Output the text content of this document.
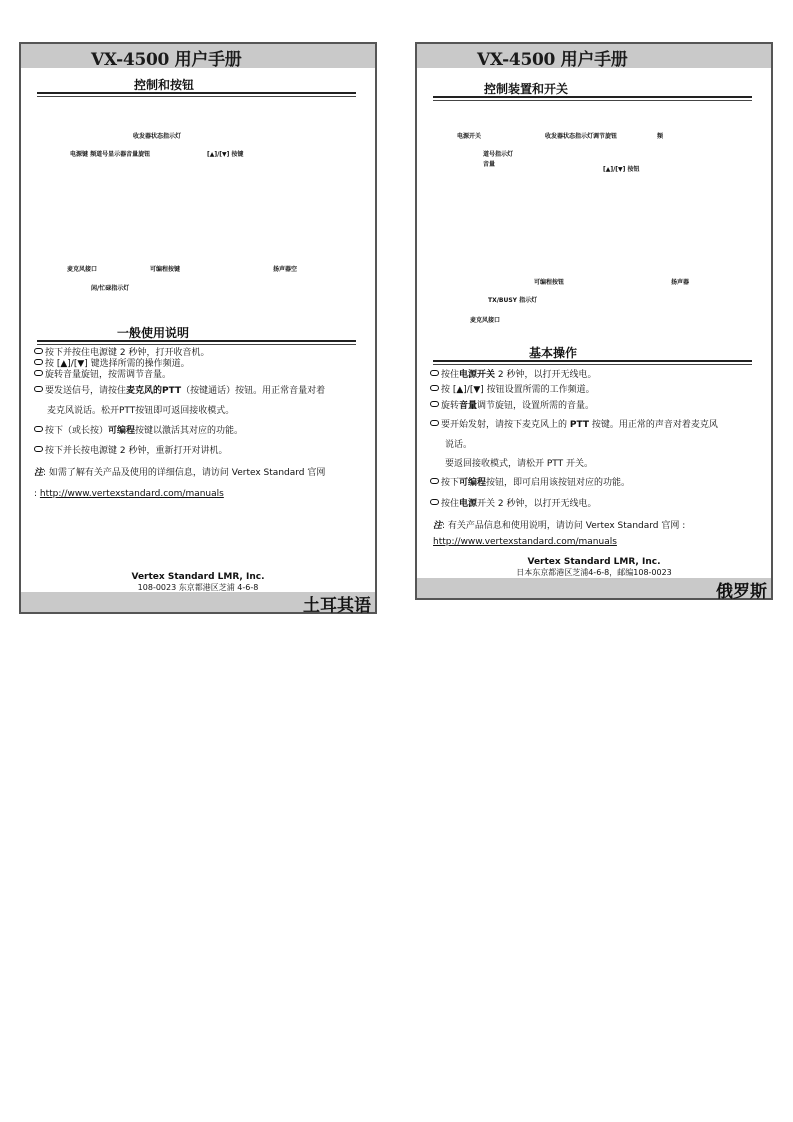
VX-4500 用户手册
控制和按钮
收发器状态指示灯
电源键 频道号显示器音量旋钮	[▲]/[▼] 按键
麦克风接口	可编程按键	扬声器空
闲/忙碌指示灯
一般使用说明
按下并按住电源键 2 秒钟，打开收音机。
按 [▲]/[▼] 键选择所需的操作频道。
旋转音量旋钮，按需调节音量。
要发送信号，请按住麦克风的PTT（按键通话）按钮。用正常音量对着
麦克风说话。松开PTT按钮即可返回接收模式。
按下（或长按）可编程按键以激活其对应的功能。
按下并长按电源键 2 秒钟，重新打开对讲机。
注: 如需了解有关产品及使用的详细信息，请访问 Vertex Standard 官网
: http://www.vertexstandard.com/manuals
Vertex Standard LMR, Inc.
108-0023 东京都港区芝浦 4-6-8
土耳其语
VX-4500 用户手册
控制装置和开关
电源开关	收发器状态指示灯调节旋钮	频
道号指示灯
音量
[▲]/[▼] 按钮
可编程按钮	扬声器
TX/BUSY 指示灯
麦克风接口
基本操作
按住电源开关 2 秒钟，以打开无线电。
按 [▲]/[▼] 按钮设置所需的工作频道。
旋转音量调节旋钮，设置所需的音量。
要开始发射，请按下麦克风上的 PTT 按键。用正常的声音对着麦克风
说话。
要返回接收模式，请松开 PTT 开关。
按下可编程按钮，即可启用该按钮对应的功能。
按住电源开关 2 秒钟，以打开无线电。
注: 有关产品信息和使用说明，请访问 Vertex Standard 官网 :
http://www.vertexstandard.com/manuals
Vertex Standard LMR, Inc.
日本东京都港区芝浦4-6-8，邮编108-0023
俄罗斯
